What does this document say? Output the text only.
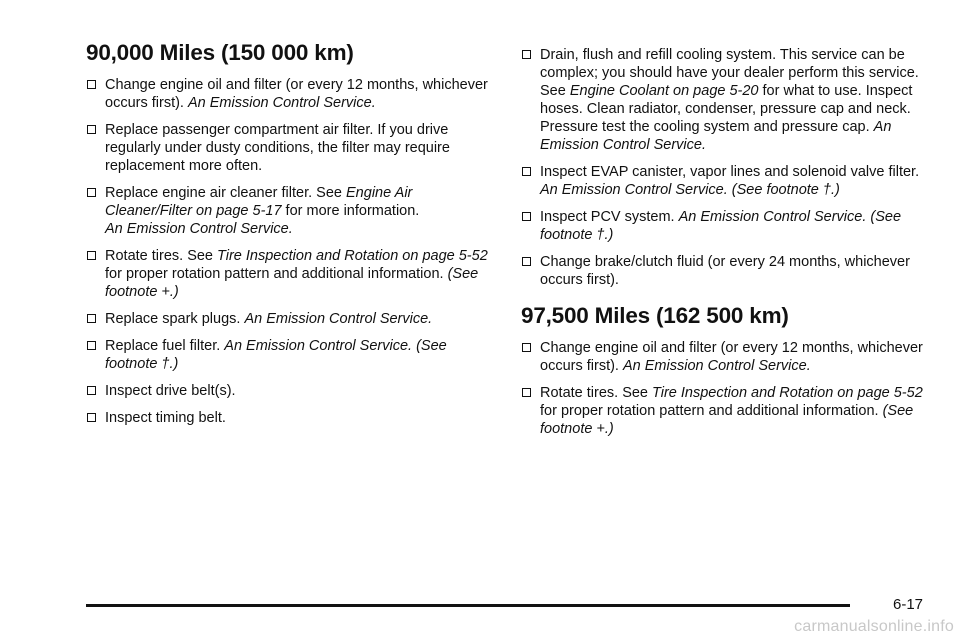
90,000 Miles (150 000 km)
Change engine oil and filter (or every 12 months, whichever occurs first). An Emission Control Service.
Replace passenger compartment air filter. If you drive regularly under dusty conditions, the filter may require replacement more often.
Replace engine air cleaner filter. See Engine Air Cleaner/Filter on page 5-17 for more information.
An Emission Control Service.
Rotate tires. See Tire Inspection and Rotation on page 5-52 for proper rotation pattern and additional information. (See footnote +.)
Replace spark plugs. An Emission Control Service.
Replace fuel filter. An Emission Control Service. (See footnote †.)
Inspect drive belt(s).
Inspect timing belt.
Drain, flush and refill cooling system. This service can be complex; you should have your dealer perform this service. See Engine Coolant on page 5-20 for what to use. Inspect hoses. Clean radiator, condenser, pressure cap and neck. Pressure test the cooling system and pressure cap. An Emission Control Service.
Inspect EVAP canister, vapor lines and solenoid valve filter. An Emission Control Service. (See footnote †.)
Inspect PCV system. An Emission Control Service. (See footnote †.)
Change brake/clutch fluid (or every 24 months, whichever occurs first).
97,500 Miles (162 500 km)
Change engine oil and filter (or every 12 months, whichever occurs first). An Emission Control Service.
Rotate tires. See Tire Inspection and Rotation on page 5-52 for proper rotation pattern and additional information. (See footnote +.)
6-17
carmanualsonline.info
